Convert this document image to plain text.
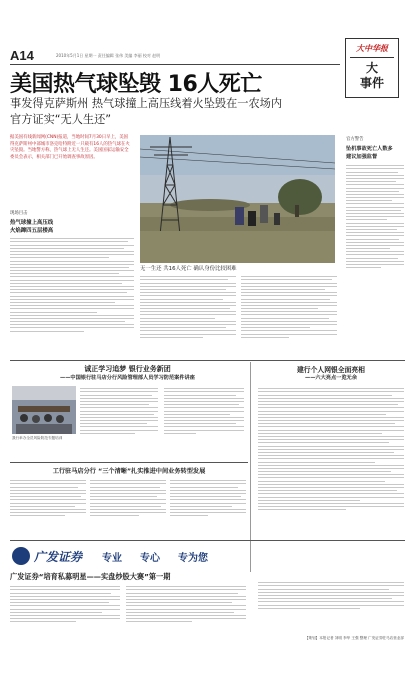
A14	2010年5月1日 星期一 责任编辑 张伟 美编 李丽 校对 赵明
大中华报
大
事件
美国热气球坠毁 16人死亡
事发得克萨斯州 热气球撞上高压线着火坠毁在一农场内
官方证实“无人生还”
据美国有线新闻网(CNN)报道，当地时间7月30日早上，美国得克萨斯州中部城市洛克哈特附近一只载有16人的热气球在火灾坠毁。当地警方称，热气球上无人生还。美国国家运输安全委员会表示，相关部门已开始调查事故原因。
现场目击
热气球撞上高压线
火焰蹿四五层楼高
无一生还 共16人死亡 确认身份比较困难
官方警告
坠机事故死亡人数多
建议加强监督
诚正学习追梦 银行业务新团
——中国银行驻马店分行风险管理部人员学习防范案件讲座
我行举办全员风险防范专题培训
建行个人网银全面亮相
——六大亮点一览无余
工行驻马店分行 “三个清晰”扎实推进中间业务转型发展
广发证券 专业 专心 专为您
广发证券“培育私募明星——实盘炒股大赛”第一期
【策划】本报记者 刘明 李华 王强 整理 广发证券驻马店营业部
